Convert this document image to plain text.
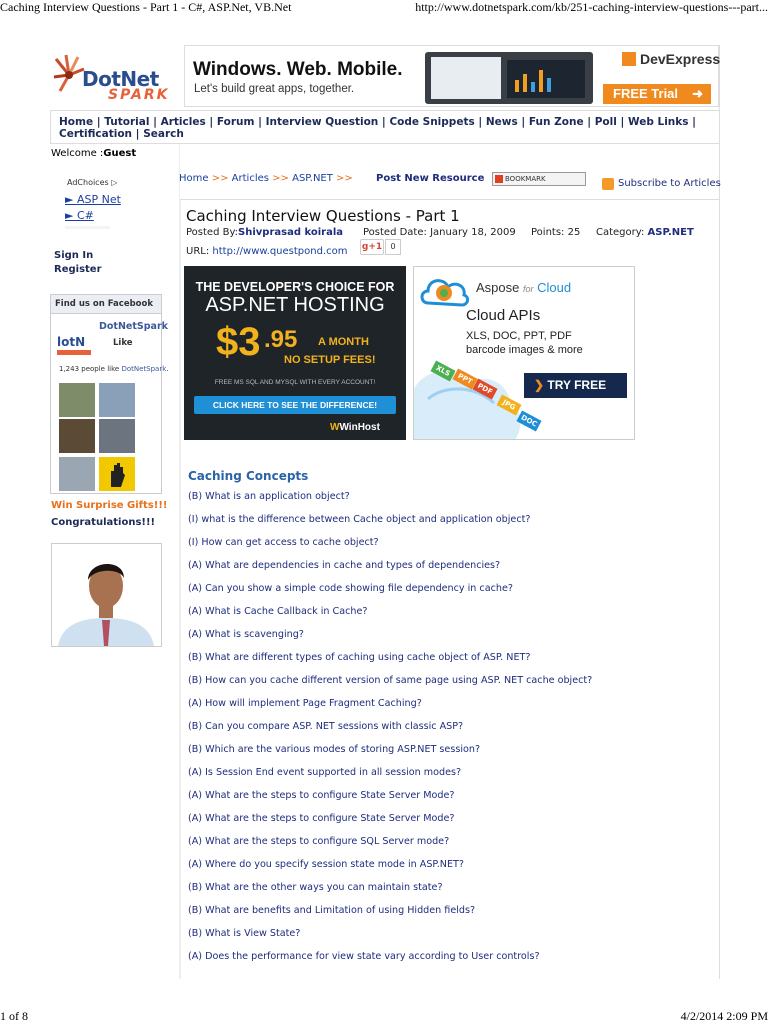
Caching Interview Questions - Part 1 - C#, ASP.Net, VB.Net	http://www.dotnetspark.com/kb/251-caching-interview-questions---part...
DotNet
SPARK
Windows. Web. Mobile.
Let's build great apps, together.
DevExpress
FREE Trial ➜
Home | Tutorial | Articles | Forum | Interview Question | Code Snippets | News | Fun Zone | Poll | Web Links | Certification | Search
Welcome :Guest
AdChoices ▷
► ASP Net
► C#
Sign In
Register
Find us on Facebook
DotNetSpark
lotN	Like
1,243 people like DotNetSpark.
Win Surprise Gifts!!!
Congratulations!!!
Home >> Articles >> ASP.NET >> Post New Resource	BOOKMARK	Subscribe to Articles
Caching Interview Questions - Part 1
Posted By:Shivprasad koirala Posted Date: January 18, 2009 Points: 25 Category: ASP.NET
URL: http://www.questpond.com g+1	0
THE DEVELOPER'S CHOICE FOR
ASP.NET HOSTING
$3 .95 A MONTH
NO SETUP FEES!
FREE MS SQL AND MYSQL WITH EVERY ACCOUNT!
CLICK HERE TO SEE THE DIFFERENCE!
WWinHost
Aspose for Cloud
Cloud APIs
XLS, DOC, PPT, PDF
barcode images & more
XLS
PPT
PDF
JPG
DOC
❯ TRY FREE
Caching Concepts
(B) What is an application object?
(I) what is the difference between Cache object and application object?
(I) How can get access to cache object?
(A) What are dependencies in cache and types of dependencies?
(A) Can you show a simple code showing file dependency in cache?
(A) What is Cache Callback in Cache?
(A) What is scavenging?
(B) What are different types of caching using cache object of ASP. NET?
(B) How can you cache different version of same page using ASP. NET cache object?
(A) How will implement Page Fragment Caching?
(B) Can you compare ASP. NET sessions with classic ASP?
(B) Which are the various modes of storing ASP.NET session?
(A) Is Session End event supported in all session modes?
(A) What are the steps to configure State Server Mode?
(A) What are the steps to configure State Server Mode?
(A) What are the steps to configure SQL Server mode?
(A) Where do you specify session state mode in ASP.NET?
(B) What are the other ways you can maintain state?
(B) What are benefits and Limitation of using Hidden fields?
(B) What is View State?
(A) Does the performance for view state vary according to User controls?
1 of 8	4/2/2014 2:09 PM
